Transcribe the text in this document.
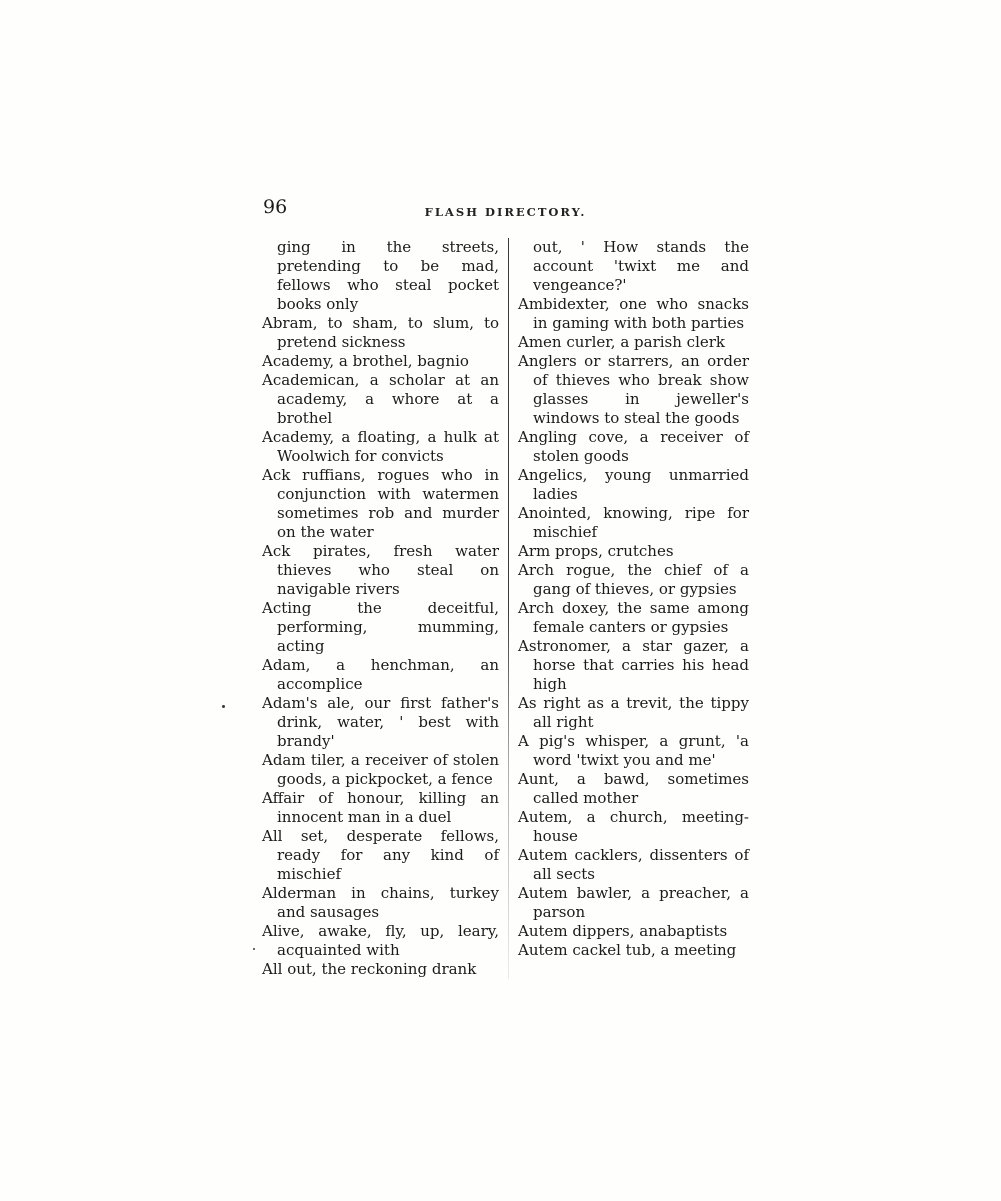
96	FLASH DIRECTORY.

ging in the streets, pretending to be mad, fellows who steal pocket books only

Abram, to sham, to slum, to pretend sickness

Academy, a brothel, bagnio

Academican, a scholar at an academy, a whore at a brothel

Academy, a floating, a hulk at Woolwich for convicts

Ack ruffians, rogues who in conjunction with watermen sometimes rob and murder on the water

Ack pirates, fresh water thieves who steal on navigable rivers

Acting the deceitful, performing, mumming, acting

Adam, a henchman, an accomplice

Adam's ale, our first father's drink, water, ' best with brandy'

Adam tiler, a receiver of stolen goods, a pickpocket, a fence

Affair of honour, killing an innocent man in a duel

All set, desperate fellows, ready for any kind of mischief

Alderman in chains, turkey and sausages

Alive, awake, fly, up, leary, acquainted with

All out, the reckoning drank

out, ' How stands the account 'twixt me and vengeance?'

Ambidexter, one who snacks in gaming with both parties

Amen curler, a parish clerk

Anglers or starrers, an order of thieves who break show glasses in jeweller's windows to steal the goods

Angling cove, a receiver of stolen goods

Angelics, young unmarried ladies

Anointed, knowing, ripe for mischief

Arm props, crutches

Arch rogue, the chief of a gang of thieves, or gypsies

Arch doxey, the same among female canters or gypsies

Astronomer, a star gazer, a horse that carries his head high

As right as a trevit, the tippy all right

A pig's whisper, a grunt, 'a word 'twixt you and me'

Aunt, a bawd, sometimes called mother

Autem, a church, meeting-house

Autem cacklers, dissenters of all sects

Autem bawler, a preacher, a parson

Autem dippers, anabaptists

Autem cackel tub, a meeting
